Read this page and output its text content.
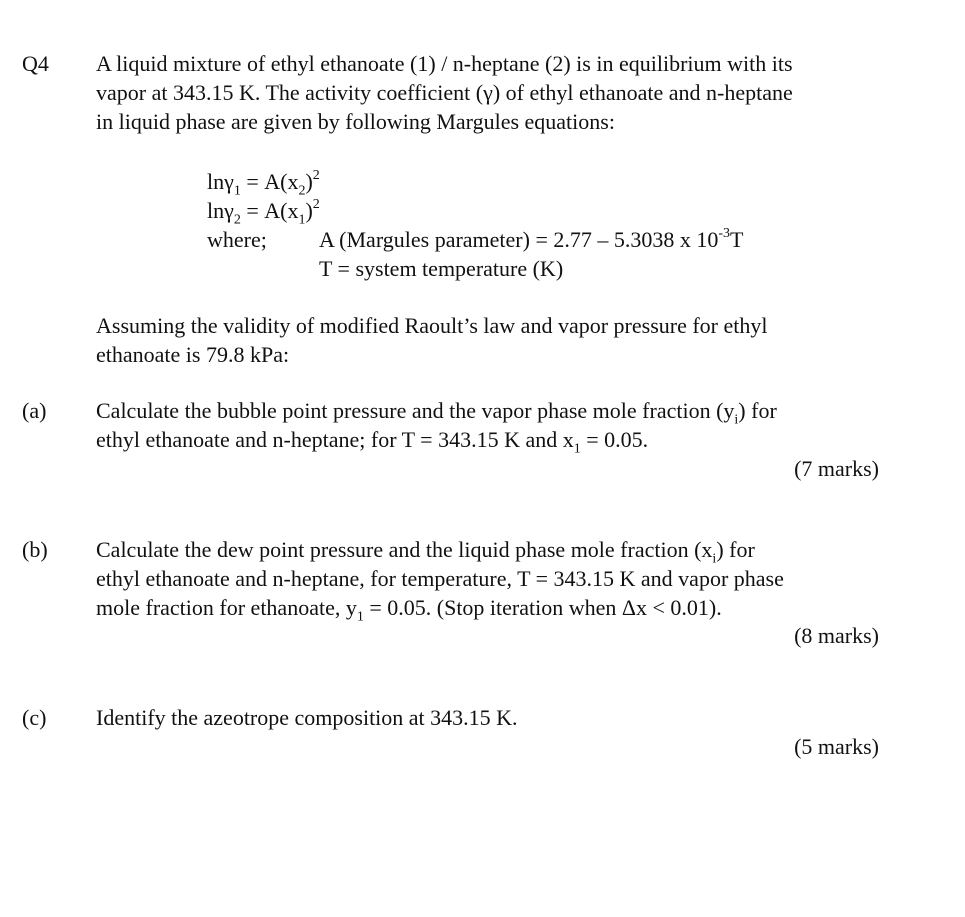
Q4 A liquid mixture of ethyl ethanoate (1) / n-heptane (2) is in equilibrium with its

vapor at 343.15 K. The activity coefficient (γ) of ethyl ethanoate and n-heptane

in liquid phase are given by following Margules equations:

$\ln\gamma_1 = A(x_2)^2$
$\ln\gamma_2 = A(x_1)^2$
where; A (Margules parameter) = 2.77 – 5.3038 x $10^{-3}T$
T = system temperature (K)

Assuming the validity of modified Raoult’s law and vapor pressure for ethyl

ethanoate is 79.8 kPa:

(a) Calculate the bubble point pressure and the vapor phase mole fraction $(y_i)$ for

ethyl ethanoate and n-heptane; for T = 343.15 K and $x_1 = 0.05$.

(7 marks)
(b) Calculate the dew point pressure and the liquid phase mole fraction $(x_i)$ for

ethyl ethanoate and n-heptane, for temperature, T = 343.15 K and vapor phase

mole fraction for ethanoate, $y_1 = 0.05$. (Stop iteration when Δx < 0.01).

(8 marks)
(c) Identify the azeotrope composition at 343.15 K.

(5 marks)
